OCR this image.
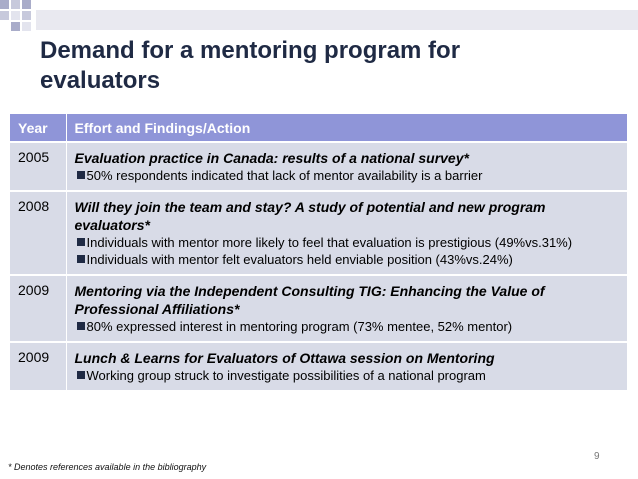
Demand for a mentoring program for evaluators
Year	Effort and Findings/Action
2005	Evaluation practice in Canada: results of a national survey*
50% respondents indicated that lack of mentor availability is a barrier

2008	Will they join the team and stay? A study of potential and new program evaluators*
Individuals with mentor more likely to feel that evaluation is prestigious (49%vs.31%)
Individuals with mentor felt evaluators held enviable position (43%vs.24%)

2009	Mentoring via the Independent Consulting TIG: Enhancing the Value of Professional Affiliations*
80% expressed interest in mentoring program (73% mentee, 52% mentor)

2009	Lunch & Learns for Evaluators of Ottawa session on Mentoring
Working group struck to investigate possibilities of a national program
9
* Denotes references available in the bibliography
